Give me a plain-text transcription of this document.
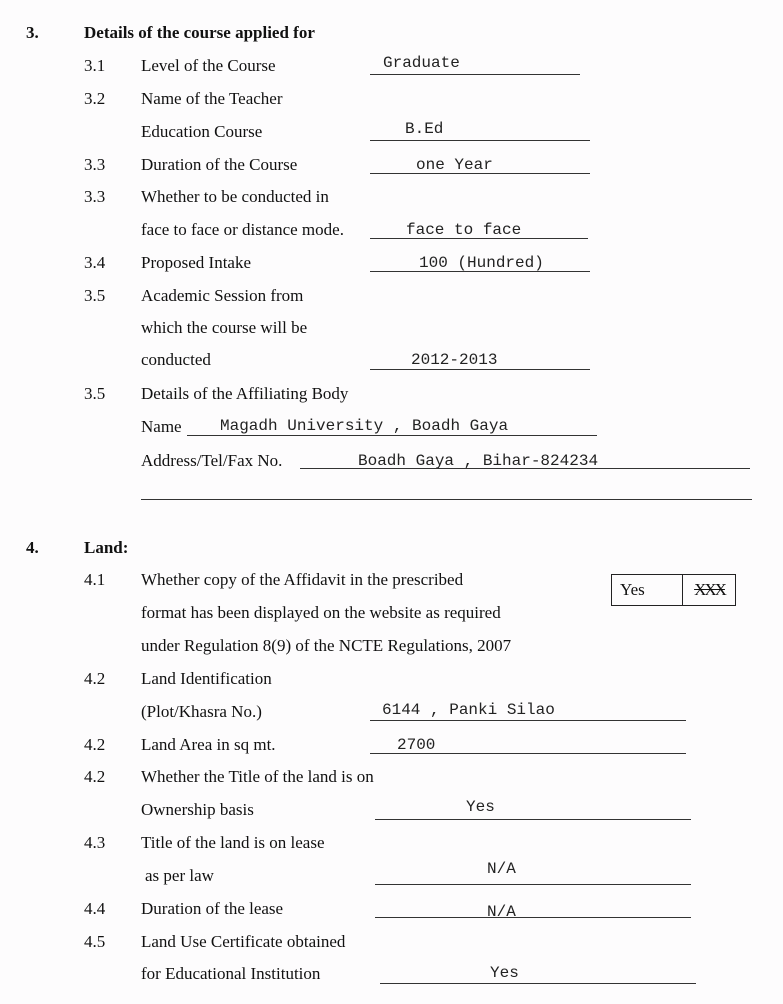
3.	Details of the course applied for
3.1 Level of the Course	Graduate
3.2 Name of the Teacher
Education Course	B.Ed
3.3 Duration of the Course	one Year
3.3 Whether to be conducted in
face to face or distance mode.	face to face
3.4 Proposed Intake	100 (Hundred)
3.5 Academic Session from
which the course will be
conducted	2012-2013
3.5 Details of the Affiliating Body
Name Magadh University , Boadh Gaya
Address/Tel/Fax No.	Boadh Gaya , Bihar-824234
4.	Land:
4.1 Whether copy of the Affidavit in the prescribed
format has been displayed on the website as required
under Regulation 8(9) of the NCTE Regulations, 2007
Yes	XXX
4.2 Land Identification
(Plot/Khasra No.)	6144 , Panki Silao
4.2 Land Area in sq mt.	2700
4.2 Whether the Title of the land is on
Ownership basis	Yes
4.3 Title of the land is on lease
as per law	N/A
4.4 Duration of the lease	N/A
4.5 Land Use Certificate obtained
for Educational Institution	Yes
